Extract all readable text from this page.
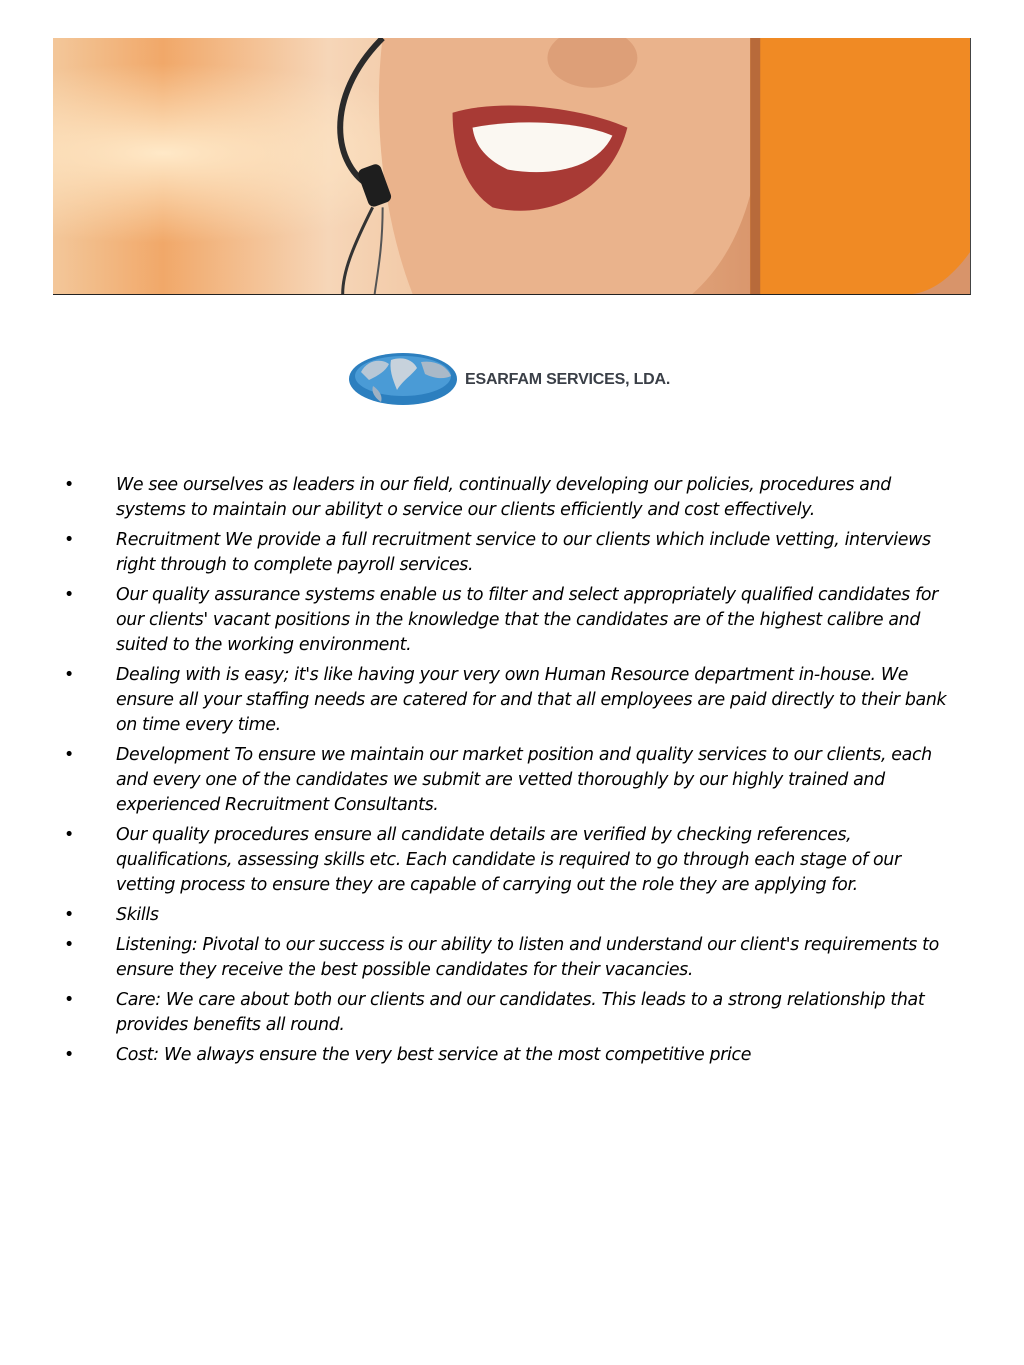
ESARFAM SERVICES, LDA.
• We see ourselves as leaders in our field, continually developing our policies, procedures and systems to maintain our abilityt o service our clients efficiently and cost effectively.
• Recruitment We provide a full recruitment service to our clients which include vetting, interviews right through to complete payroll services.
• Our quality assurance systems enable us to filter and select appropriately qualified candidates for our clients' vacant positions in the knowledge that the candidates are of the highest calibre and suited to the working environment.
• Dealing with is easy; it's like having your very own Human Resource department in-house. We ensure all your staffing needs are catered for and that all employees are paid directly to their bank on time every time.
• Development To ensure we maintain our market position and quality services to our clients, each and every one of the candidates we submit are vetted thoroughly by our highly trained and experienced Recruitment Consultants.
• Our quality procedures ensure all candidate details are verified by checking references, qualifications, assessing skills etc. Each candidate is required to go through each stage of our vetting process to ensure they are capable of carrying out the role they are applying for.
• Skills
• Listening: Pivotal to our success is our ability to listen and understand our client's requirements to ensure they receive the best possible candidates for their vacancies.
• Care: We care about both our clients and our candidates. This leads to a strong relationship that provides benefits all round.
• Cost: We always ensure the very best service at the most competitive price
